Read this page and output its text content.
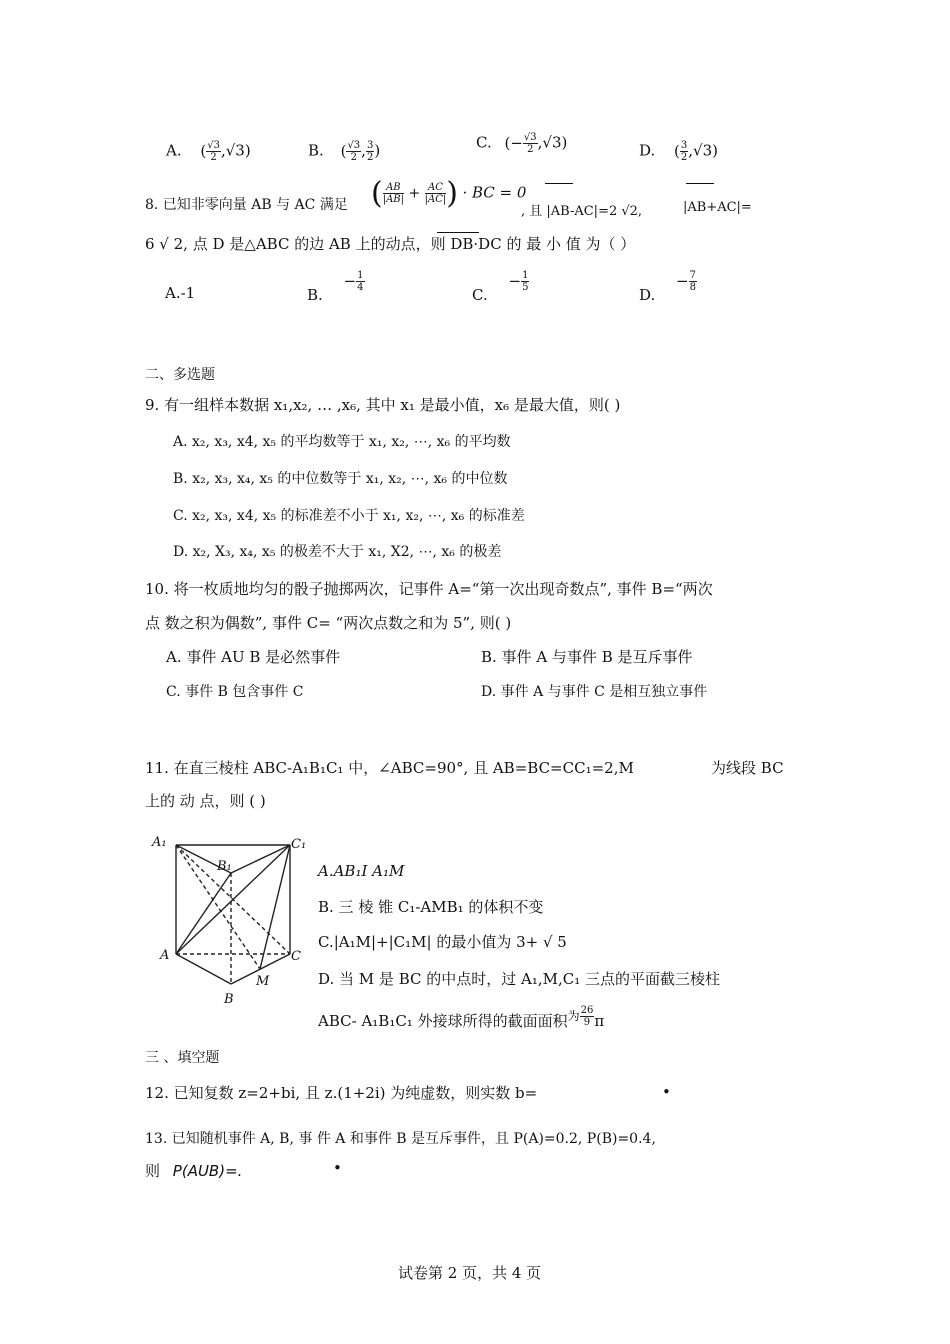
A. ( $\frac{√3}{2} ,√3$)	B. ( $\frac{√3}{2}$ , $\frac{3}{2}$ )	C. (− $\frac{√3}{2} ,√3$)	D. ( $\frac{3}{2} ,√3$)
8. 已知非零向量 AB 与 AC 满足 ( $\frac{AB}{|AB|} + \frac{AC}{|AC|}$ ) · BC = 0
, 且 |AB-AC|=2 √2,	|AB+AC|=
6 √ 2, 点 D 是△ABC 的边 AB 上的动点，则 DB·DC 的 最 小 值 为（ ）
A.-1	B. − $\frac{1}{4}$
C. − $\frac{1}{5}$
D. − $\frac{7}{8}$
二、多选题
9. 有一组样本数据 x₁,x₂, … ,x₆, 其中 x₁ 是最小值，x₆ 是最大值，则( )
A. x₂, x₃, x4, x₅ 的平均数等于 x₁, x₂, ⋯, x₆ 的平均数
B. x₂, x₃, x₄, x₅ 的中位数等于 x₁, x₂, ⋯, x₆ 的中位数
C. x₂, x₃, x4, x₅ 的标准差不小于 x₁, x₂, ⋯, x₆ 的标准差
D. x₂, X₃, x₄, x₅ 的极差不大于 x₁, X2, ⋯, x₆ 的极差
10. 将一枚质地均匀的骰子抛掷两次，记事件 A=“第一次出现奇数点”, 事件 B=“两次
点 数之积为偶数”, 事件 C= “两次点数之和为 5”, 则( )
A. 事件 AU B 是必然事件	B. 事件 A 与事件 B 是互斥事件
C. 事件 B 包含事件 C	D. 事件 A 与事件 C 是相互独立事件
11. 在直三棱柱 ABC-A₁B₁C₁ 中，∠ABC=90°, 且 AB=BC=CC₁=2,M	为线段 BC
上的 动 点，则 ( )
A₁
B₁
C₁
A
B
C
M
A.AB₁I A₁M
B. 三 棱 锥 C₁-AMB₁ 的体积不变
C.|A₁M|+|C₁M| 的最小值为 3+ √ 5
D. 当 M 是 BC 的中点时，过 A₁,M,C₁ 三点的平面截三棱柱
ABC- A₁B₁C₁ 外接球所得的截面面积$^为 \frac{26}{9}$ π
三 、填空题
12. 已知复数 z=2+bi, 且 z.(1+2i) 为纯虚数，则实数 b=	•
13. 已知随机事件 A, B, 事 件 A 和事件 B 是互斥事件，且 P(A)=0.2, P(B)=0.4,
则 P(AUB)=.	•
试卷第 2 页，共 4 页
